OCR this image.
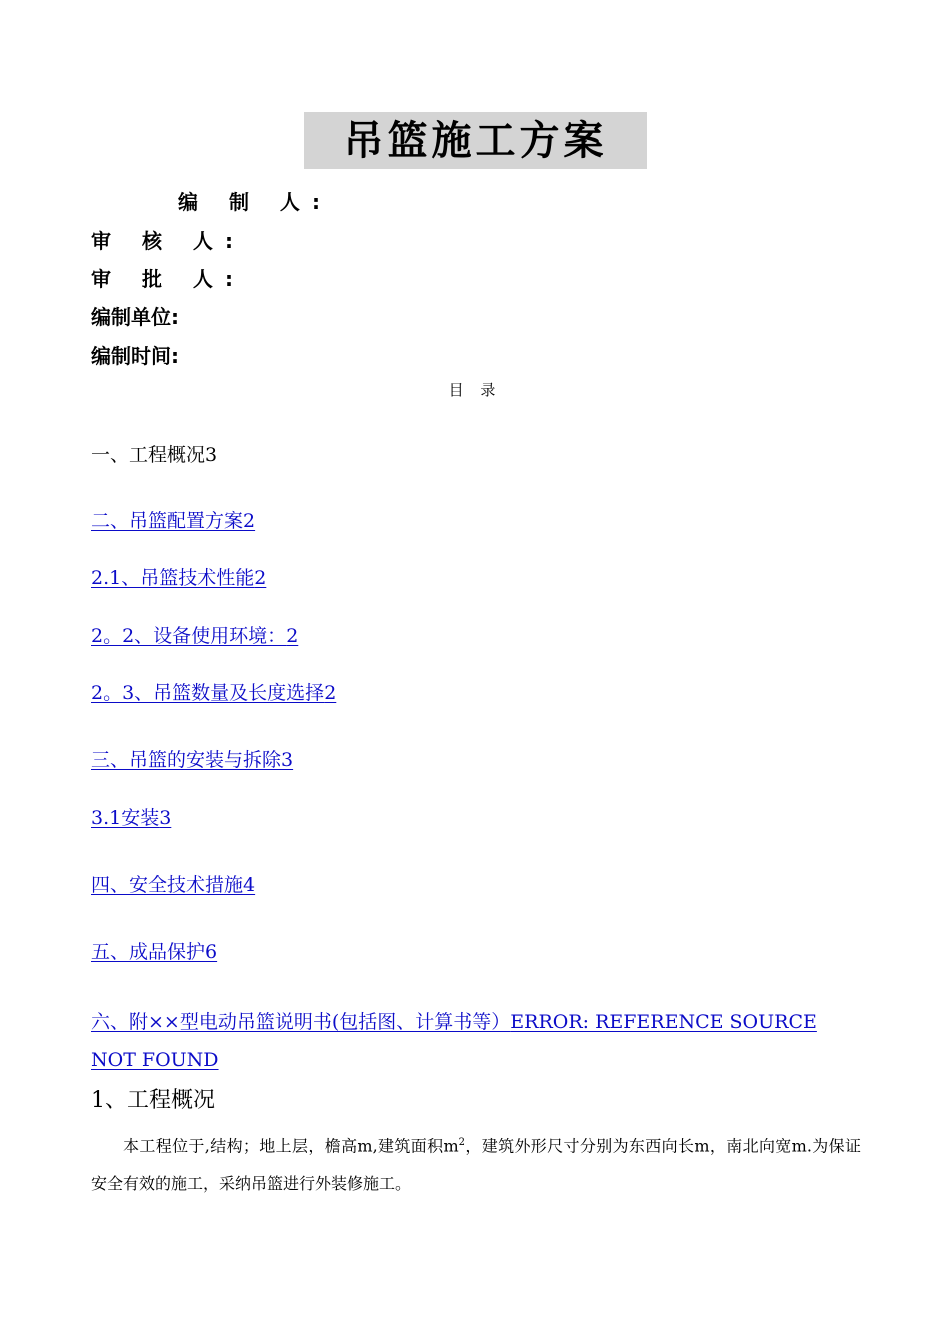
吊篮施工方案
编 制 人:
审 核 人:
审 批 人:
编制单位:
编制时间:
目 录
一、工程概况3
二、吊篮配置方案2
2.1、吊篮技术性能2
2。2、设备使用环境：2
2。3、吊篮数量及长度选择2
三、吊篮的安装与拆除3
3.1安装3
四、安全技术措施4
五、成品保护6
六、附××型电动吊篮说明书(包括图、计算书等）ERROR: REFERENCE SOURCE NOT FOUND
1、工程概况

本工程位于,结构；地上层，檐高m,建筑面积$m^2$，建筑外形尺寸分别为东西向长m，南北向宽m.为保证安全有效的施工，采纳吊篮进行外装修施工。
